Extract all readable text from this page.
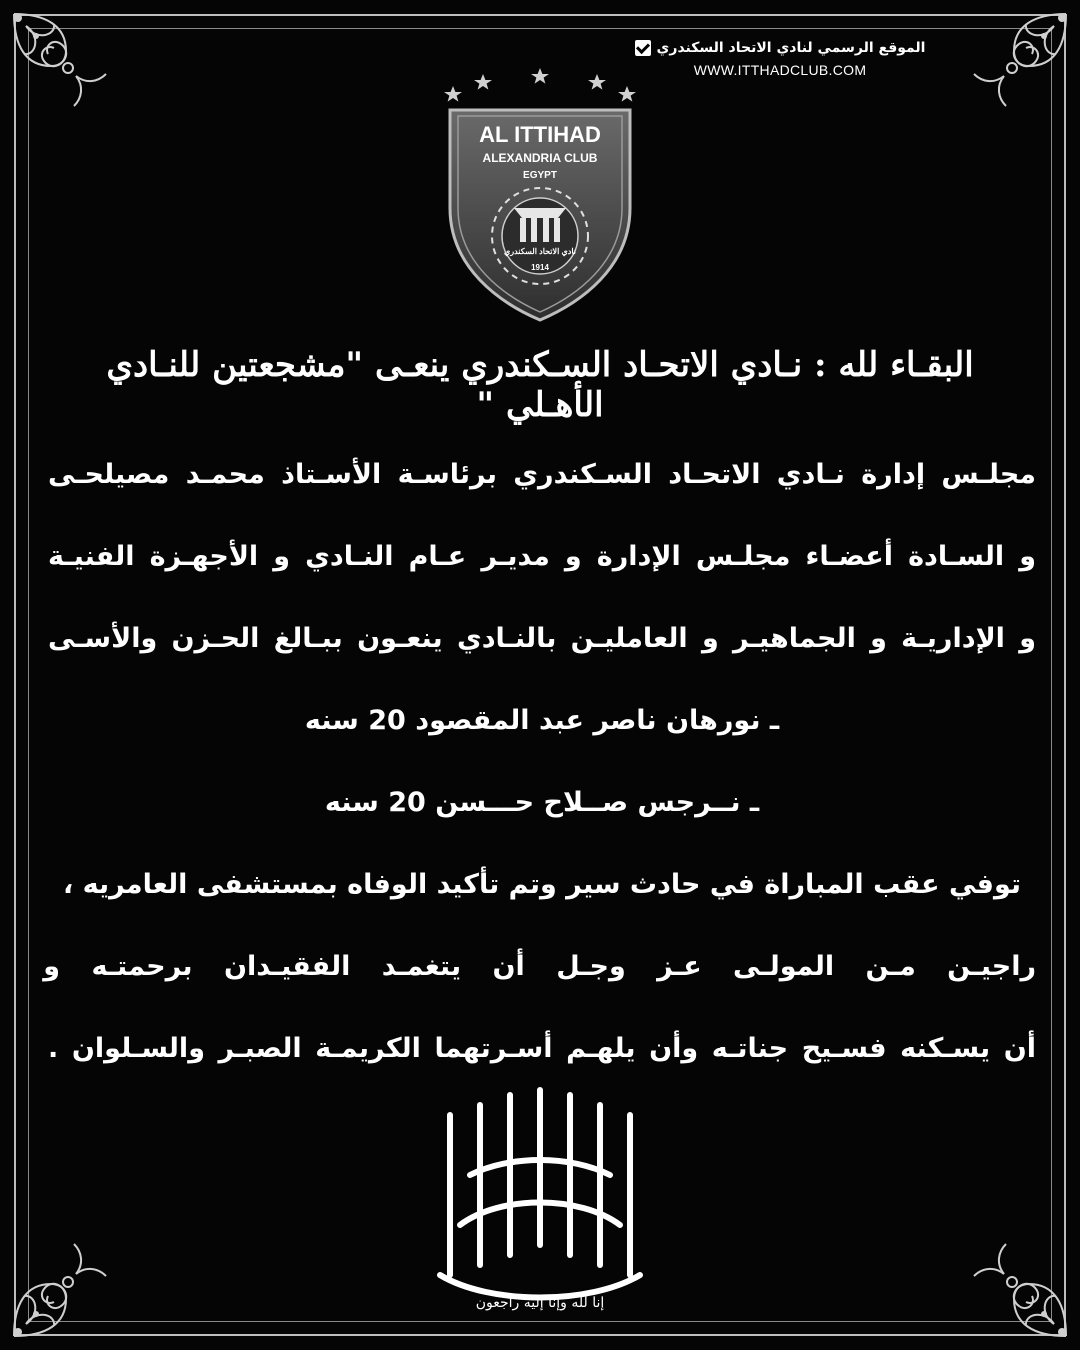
الموقع الرسمي لنادي الاتحاد السكندري
WWW.ITTHADCLUB.COM
AL ITTIHAD
ALEXANDRIA CLUB
EGYPT
نادي الاتحاد السكندري
1914
البقـاء لله : نـادي الاتحـاد السـكندري ينعـى "مشجعتين للنـادي الأهـلي "
مجلـس إدارة نـادي الاتحـاد السـكندري برئاسـة الأسـتاذ محمـد مصيلحـى
و السـادة أعضـاء مجلـس الإدارة و مديـر عـام النـادي و الأجهـزة الفنيـة
و الإداريـة و الجماهيـر و العامليـن بالنـادي ينعـون ببـالغ الحـزن والأسـى
ـ نورهان ناصر عبد المقصود 20 سنه
ـ نــرجس صــلاح حـــسن 20 سنه
توفي عقب المباراة في حادث سير وتم تأكيد الوفاه بمستشفى العامريه ،
راجيـن مـن المولـى عـز وجـل أن يتغمـد الفقيـدان برحمتـه و
أن يسـكنه فسـيح جناتـه وأن يلهـم أسـرتهما الكريمـة الصبـر والسـلوان .
إنا لله وإنا إليه راجعون
